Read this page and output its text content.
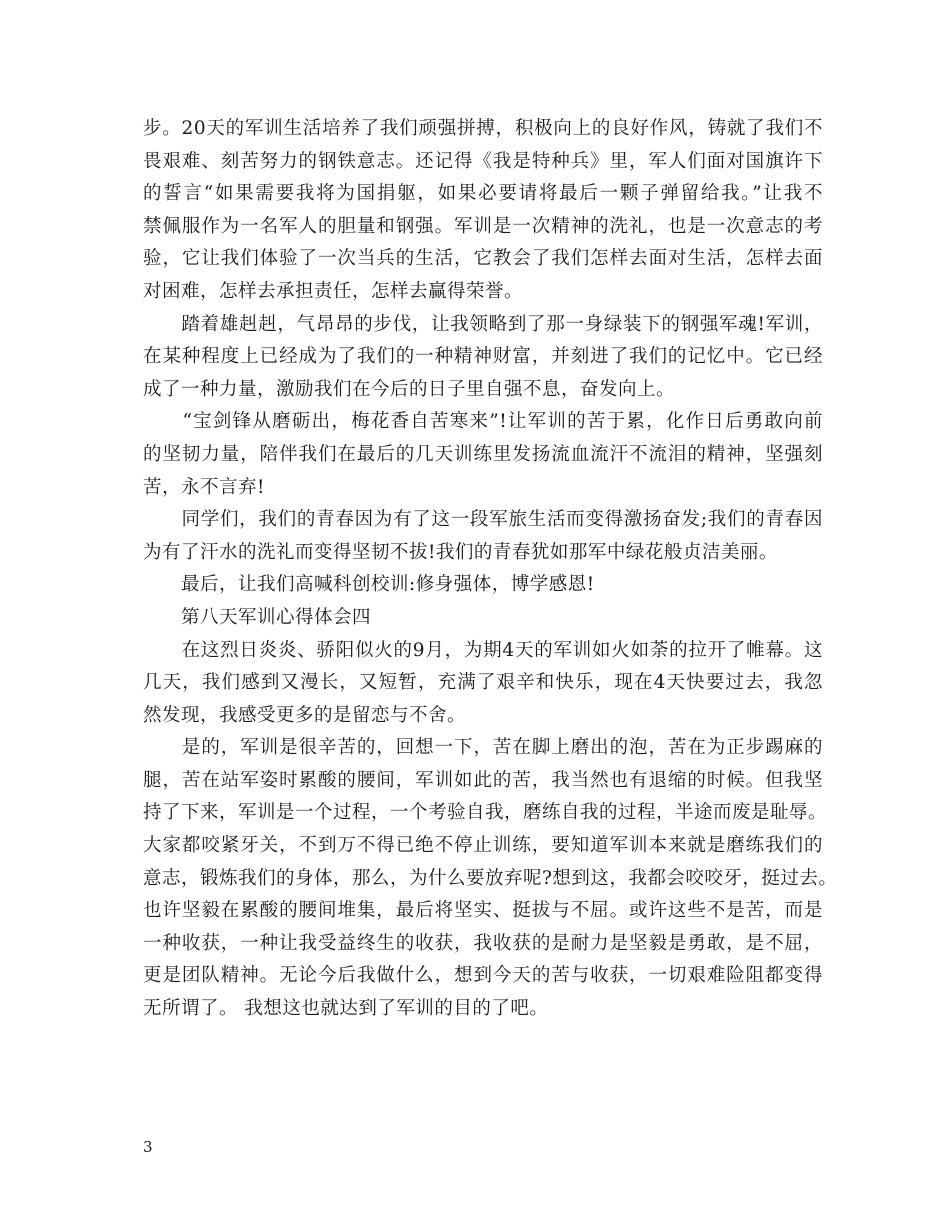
步。20天的军训生活培养了我们顽强拼搏，积极向上的良好作风，铸就了我们不
畏艰难、刻苦努力的钢铁意志。还记得《我是特种兵》里，军人们面对国旗许下
的誓言“如果需要我将为国捐躯，如果必要请将最后一颗子弹留给我。”让我不
禁佩服作为一名军人的胆量和钢强。军训是一次精神的洗礼，也是一次意志的考
验，它让我们体验了一次当兵的生活，它教会了我们怎样去面对生活，怎样去面
对困难，怎样去承担责任，怎样去赢得荣誉。
　　踏着雄赳赳，气昂昂的步伐，让我领略到了那一身绿装下的钢强军魂!军训，
在某种程度上已经成为了我们的一种精神财富，并刻进了我们的记忆中。它已经
成了一种力量，激励我们在今后的日子里自强不息，奋发向上。
　　“宝剑锋从磨砺出，梅花香自苦寒来”!让军训的苦于累，化作日后勇敢向前
的坚韧力量，陪伴我们在最后的几天训练里发扬流血流汗不流泪的精神，坚强刻
苦，永不言弃!
　　同学们，我们的青春因为有了这一段军旅生活而变得激扬奋发;我们的青春因
为有了汗水的洗礼而变得坚韧不拔!我们的青春犹如那军中绿花般贞洁美丽。
　　最后，让我们高喊科创校训:修身强体，博学感恩!
　　第八天军训心得体会四
　　在这烈日炎炎、骄阳似火的9月，为期4天的军训如火如荼的拉开了帷幕。这
几天，我们感到又漫长，又短暂，充满了艰辛和快乐，现在4天快要过去，我忽
然发现，我感受更多的是留恋与不舍。
　　是的，军训是很辛苦的，回想一下，苦在脚上磨出的泡，苦在为正步踢麻的
腿，苦在站军姿时累酸的腰间，军训如此的苦，我当然也有退缩的时候。但我坚
持了下来，军训是一个过程，一个考验自我，磨练自我的过程，半途而废是耻辱。
大家都咬紧牙关，不到万不得已绝不停止训练，要知道军训本来就是磨练我们的
意志，锻炼我们的身体，那么，为什么要放弃呢?想到这，我都会咬咬牙，挺过去。
也许坚毅在累酸的腰间堆集，最后将坚实、挺拔与不屈。或许这些不是苦，而是
一种收获，一种让我受益终生的收获，我收获的是耐力是坚毅是勇敢，是不屈，
更是团队精神。无论今后我做什么，想到今天的苦与收获，一切艰难险阻都变得
无所谓了。 我想这也就达到了军训的目的了吧。
3
